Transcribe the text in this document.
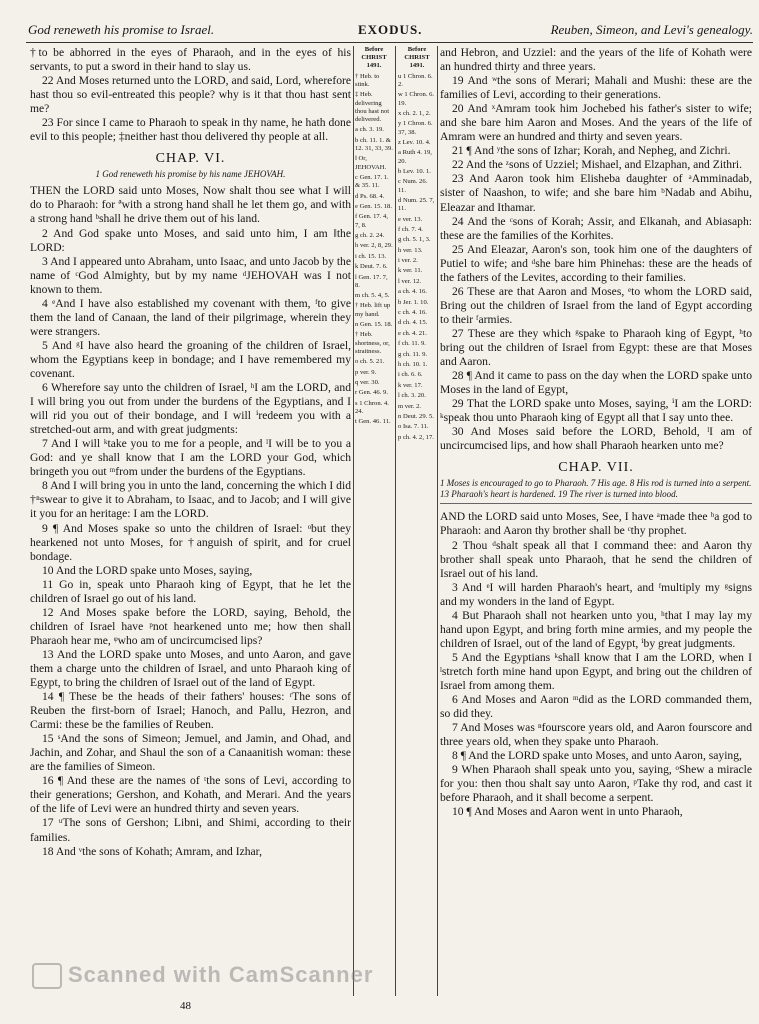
God reneweth his promise to Israel.	EXODUS.	Reuben, Simeon, and Levi's genealogy.

†to be abhorred in the eyes of Pharaoh, and in the eyes of his servants, to put a sword in their hand to slay us.

22 And Moses returned unto the LORD, and said, Lord, wherefore hast thou so evil-entreated this people? why is it that thou hast sent me?

23 For since I came to Pharaoh to speak in thy name, he hath done evil to this people; ‡neither hast thou delivered thy people at all.

CHAP. VI.

1 God reneweth his promise by his name JEHOVAH.

THEN the LORD said unto Moses, Now shalt thou see what I will do to Pharaoh: for ªwith a strong hand shall he let them go, and with a strong hand ᵇshall he drive them out of his land.

2 And God spake unto Moses, and said unto him, I am ‖the LORD:

3 And I appeared unto Abraham, unto Isaac, and unto Jacob by the name of ᶜGod Almighty, but by my name ᵈJEHOVAH was I not known to them.

4 ᵉAnd I have also established my covenant with them, ᶠto give them the land of Canaan, the land of their pilgrimage, wherein they were strangers.

5 And ᵍI have also heard the groaning of the children of Israel, whom the Egyptians keep in bondage; and I have remembered my covenant.

6 Wherefore say unto the children of Israel, ʰI am the LORD, and I will bring you out from under the burdens of the Egyptians, and I will rid you out of their bondage, and I will ⁱredeem you with a stretched-out arm, and with great judgments:

7 And I will ᵏtake you to me for a people, and ˡI will be to you a God: and ye shall know that I am the LORD your God, which bringeth you out ᵐfrom under the burdens of the Egyptians.

8 And I will bring you in unto the land, concerning the which I did †ⁿswear to give it to Abraham, to Isaac, and to Jacob; and I will give it you for an heritage: I am the LORD.

9 ¶ And Moses spake so unto the children of Israel: ᵒbut they hearkened not unto Moses, for †anguish of spirit, and for cruel bondage.

10 And the LORD spake unto Moses, saying,

11 Go in, speak unto Pharaoh king of Egypt, that he let the children of Israel go out of his land.

12 And Moses spake before the LORD, saying, Behold, the children of Israel have ᵖnot hearkened unto me; how then shall Pharaoh hear me, ᵠwho am of uncircumcised lips?

13 And the LORD spake unto Moses, and unto Aaron, and gave them a charge unto the children of Israel, and unto Pharaoh king of Egypt, to bring the children of Israel out of the land of Egypt.

14 ¶ These be the heads of their fathers' houses: ʳThe sons of Reuben the first-born of Israel; Hanoch, and Pallu, Hezron, and Carmi: these be the families of Reuben.

15 ˢAnd the sons of Simeon; Jemuel, and Jamin, and Ohad, and Jachin, and Zohar, and Shaul the son of a Canaanitish woman: these are the families of Simeon.

16 ¶ And these are the names of ᵗthe sons of Levi, according to their generations; Gershon, and Kohath, and Merari. And the years of the life of Levi were an hundred thirty and seven years.

17 ᵘThe sons of Gershon; Libni, and Shimi, according to their families.

18 And ᵛthe sons of Kohath; Amram, and Izhar,

Before CHRIST 1491.
† Heb. to stink.
‡ Heb. delivering thou hast not delivered.
a ch. 3. 19.
b ch. 11. 1. & 12. 31, 33, 39.
‖ Or, JEHOVAH.
c Gen. 17. 1. & 35. 11.
d Ps. 68. 4.
e Gen. 15. 18.
f Gen. 17. 4, 7, 8.
g ch. 2. 24.
h ver. 2, 8, 29.
i ch. 15. 13.
k Deut. 7. 6.
l Gen. 17. 7, 8.
m ch. 5. 4, 5.
† Heb. lift up my hand.
n Gen. 15. 18.
† Heb. shortness, or, straitness.
o ch. 5. 21.
p ver. 9.
q ver. 30.
r Gen. 46. 9.
s 1 Chron. 4. 24.
t Gen. 46. 11.
Before CHRIST 1491.
u 1 Chron. 6. 2.
w 1 Chron. 6. 19.
x ch. 2. 1, 2.
y 1 Chron. 6. 37, 38.
z Lev. 10. 4.
a Ruth 4. 19, 20.
b Lev. 10. 1.
c Num. 26. 11.
d Num. 25. 7, 11.
e ver. 13.
f ch. 7. 4.
g ch. 5. 1, 3.
h ver. 13.
i ver. 2.
k ver. 11.
l ver. 12.
a ch. 4. 16.
b Jer. 1. 10.
c ch. 4. 16.
d ch. 4. 15.
e ch. 4. 21.
f ch. 11. 9.
g ch. 11. 9.
h ch. 10. 1.
i ch. 6. 6.
k ver. 17.
l ch. 3. 20.
m ver. 2.
n Deut. 29. 5.
o Isa. 7. 11.
p ch. 4. 2, 17.

and Hebron, and Uzziel: and the years of the life of Kohath were an hundred thirty and three years.

19 And ʷthe sons of Merari; Mahali and Mushi: these are the families of Levi, according to their generations.

20 And ˣAmram took him Jochebed his father's sister to wife; and she bare him Aaron and Moses. And the years of the life of Amram were an hundred and thirty and seven years.

21 ¶ And ʸthe sons of Izhar; Korah, and Nepheg, and Zichri.

22 And the ᶻsons of Uzziel; Mishael, and Elzaphan, and Zithri.

23 And Aaron took him Elisheba daughter of ᵃAmminadab, sister of Naashon, to wife; and she bare him ᵇNadab and Abihu, Eleazar and Ithamar.

24 And the ᶜsons of Korah; Assir, and Elkanah, and Abiasaph: these are the families of the Korhites.

25 And Eleazar, Aaron's son, took him one of the daughters of Putiel to wife; and ᵈshe bare him Phinehas: these are the heads of the fathers of the Levites, according to their families.

26 These are that Aaron and Moses, ᵉto whom the LORD said, Bring out the children of Israel from the land of Egypt according to their ᶠarmies.

27 These are they which ᵍspake to Pharaoh king of Egypt, ʰto bring out the children of Israel from Egypt: these are that Moses and Aaron.

28 ¶ And it came to pass on the day when the LORD spake unto Moses in the land of Egypt,

29 That the LORD spake unto Moses, saying, ⁱI am the LORD: ᵏspeak thou unto Pharaoh king of Egypt all that I say unto thee.

30 And Moses said before the LORD, Behold, ˡI am of uncircumcised lips, and how shall Pharaoh hearken unto me?

CHAP. VII.

1 Moses is encouraged to go to Pharaoh. 7 His age. 8 His rod is turned into a serpent. 13 Pharaoh's heart is hardened. 19 The river is turned into blood.

AND the LORD said unto Moses, See, I have ᵃmade thee ᵇa god to Pharaoh: and Aaron thy brother shall be ᶜthy prophet.

2 Thou ᵈshalt speak all that I command thee: and Aaron thy brother shall speak unto Pharaoh, that he send the children of Israel out of his land.

3 And ᵉI will harden Pharaoh's heart, and ᶠmultiply my ᵍsigns and my wonders in the land of Egypt.

4 But Pharaoh shall not hearken unto you, ʰthat I may lay my hand upon Egypt, and bring forth mine armies, and my people the children of Israel, out of the land of Egypt, ⁱby great judgments.

5 And the Egyptians ᵏshall know that I am the LORD, when I ˡstretch forth mine hand upon Egypt, and bring out the children of Israel from among them.

6 And Moses and Aaron ᵐdid as the LORD commanded them, so did they.

7 And Moses was ⁿfourscore years old, and Aaron fourscore and three years old, when they spake unto Pharaoh.

8 ¶ And the LORD spake unto Moses, and unto Aaron, saying,

9 When Pharaoh shall speak unto you, saying, ᵒShew a miracle for you: then thou shalt say unto Aaron, ᵖTake thy rod, and cast it before Pharaoh, and it shall become a serpent.

10 ¶ And Moses and Aaron went in unto Pharaoh,

48
Scanned with CamScanner
